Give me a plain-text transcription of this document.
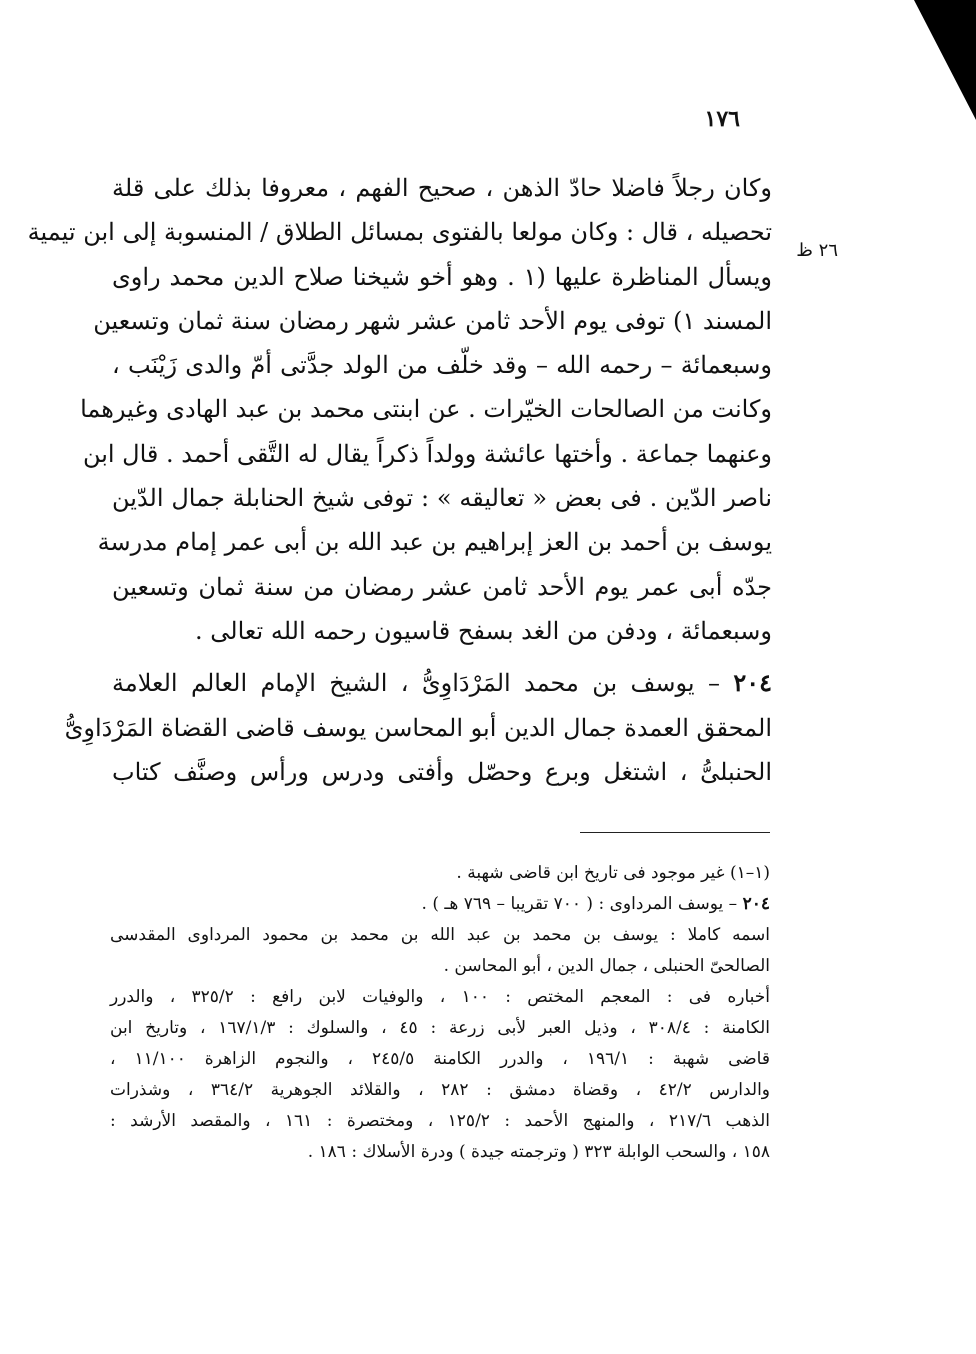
١٧٦
٢٦ ظ
وكان رجلاً فاضلا حادّ الذهن ، صحيح الفهم ، معروفا بذلك على قلة
تحصيله ، قال : وكان مولعا بالفتوى بمسائل الطلاق / المنسوبة إلى ابن تيمية
ويسأل المناظرة عليها (١ . وهو أخو شيخنا صلاح الدين محمد راوى
المسند ١) توفى يوم الأحد ثامن عشر شهر رمضان سنة ثمان وتسعين
وسبعمائة – رحمه الله – وقد خلّف من الولد جدَّتى أمّ والدى زَيْنَب ،
وكانت من الصالحات الخيّرات . عن ابنتى محمد بن عبد الهادى وغيرهما
وعنهما جماعة . وأختها عائشة وولداً ذكراً يقال له التَّقى أحمد . قال ابن
ناصر الدّين . فى بعض « تعاليقه » : توفى شيخ الحنابلة جمال الدّين
يوسف بن أحمد بن العز إبراهيم بن عبد الله بن أبى عمر إمام مدرسة
جدّه أبى عمر يوم الأحد ثامن عشر رمضان من سنة ثمان وتسعين
وسبعمائة ، ودفن من الغد بسفح قاسيون رحمه الله تعالى .
٢٠٤ – يوسف بن محمد المَرْدَاوِىُّ ، الشيخ الإمام العالم العلامة
المحقق العمدة جمال الدين أبو المحاسن يوسف قاضى القضاة المَرْدَاوِىُّ
الحنبلىُّ ، اشتغل وبرع وحصّل وأفتى ودرس ورأس وصنَّف كتاب
(١–١) غير موجود فى تاريخ ابن قاضى شهبة .
٢٠٤ – يوسف المرداوى : ( ٧٠٠ تقريبا – ٧٦٩ هـ ) .
اسمه كاملا : يوسف بن محمد بن عبد الله بن محمد بن محمود المرداوى المقدسى
الصالحىّ الحنبلى ، جمال الدين ، أبو المحاسن .
أخباره فى : المعجم المختص : ١٠٠ ، والوفيات لابن رافع : ٣٢٥/٢ ، والدرر
الكامنة : ٣٠٨/٤ ، وذيل العبر لأبى زرعة : ٤٥ ، والسلوك : ١٦٧/١/٣ ، وتاريخ ابن
قاضى شهبة : ١٩٦/١ ، والدرر الكامنة ٢٤٥/٥ ، والنجوم الزاهرة ١١/١٠٠ ،
والدارس ٤٢/٢ ، وقضاة دمشق : ٢٨٢ ، والقلائد الجوهرية ٣٦٤/٢ ، وشذرات
الذهب ٢١٧/٦ ، والمنهج الأحمد : ١٢٥/٢ ، ومختصرة : ١٦١ ، والمقصد الأرشد :
١٥٨ ، والسحب الوابلة ٣٢٣ ( وترجمته جيدة ) ودرة الأسلاك : ١٨٦ .
